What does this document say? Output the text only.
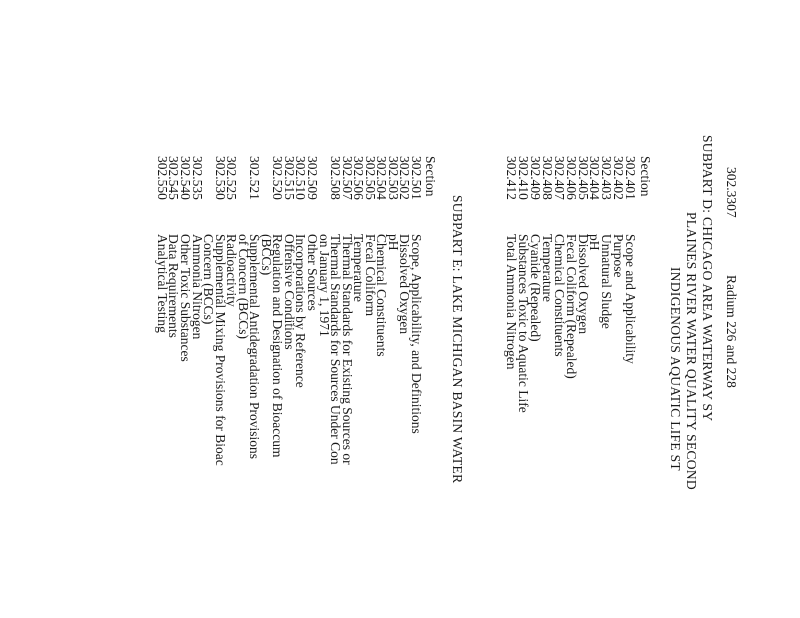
302.3307
Radium 226 and 228
SUBPART D: CHICAGO AREA WATERWAY SY
PLAINES RIVER WATER QUALITY SECOND
INDIGENOUS AQUATIC LIFE ST
Section
302.401
Scope and Applicability
302.402
Purpose
302.403
Unnatural Sludge
302.404
pH
302.405
Dissolved Oxygen
302.406
Fecal Coliform (Repealed)
302.407
Chemical Constituents
302.408
Temperature
302.409
Cyanide (Repealed)
302.410
Substances Toxic to Aquatic Life
302.412
Total Ammonia Nitrogen
SUBPART E: LAKE MICHIGAN BASIN WATER
Section
302.501
Scope, Applicability, and Definitions
302.502
Dissolved Oxygen
302.503
pH
302.504
Chemical Constituents
302.505
Fecal Coliform
302.506
Temperature
302.507
Thermal Standards for Existing Sources or
302.508
Thermal Standards for Sources Under Con
on January 1, 1971
302.509
Other Sources
302.510
Incorporations by Reference
302.515
Offensive Conditions
302.520
Regulation and Designation of Bioaccum
(BCCs)
302.521
Supplemental Antidegradation Provisions
of Concern (BCCs)
302.525
Radioactivity
302.530
Supplemental Mixing Provisions for Bioac
Concern (BCCs)
302.535
Ammonia Nitrogen
302.540
Other Toxic Substances
302.545
Data Requirements
302.550
Analytical Testing
